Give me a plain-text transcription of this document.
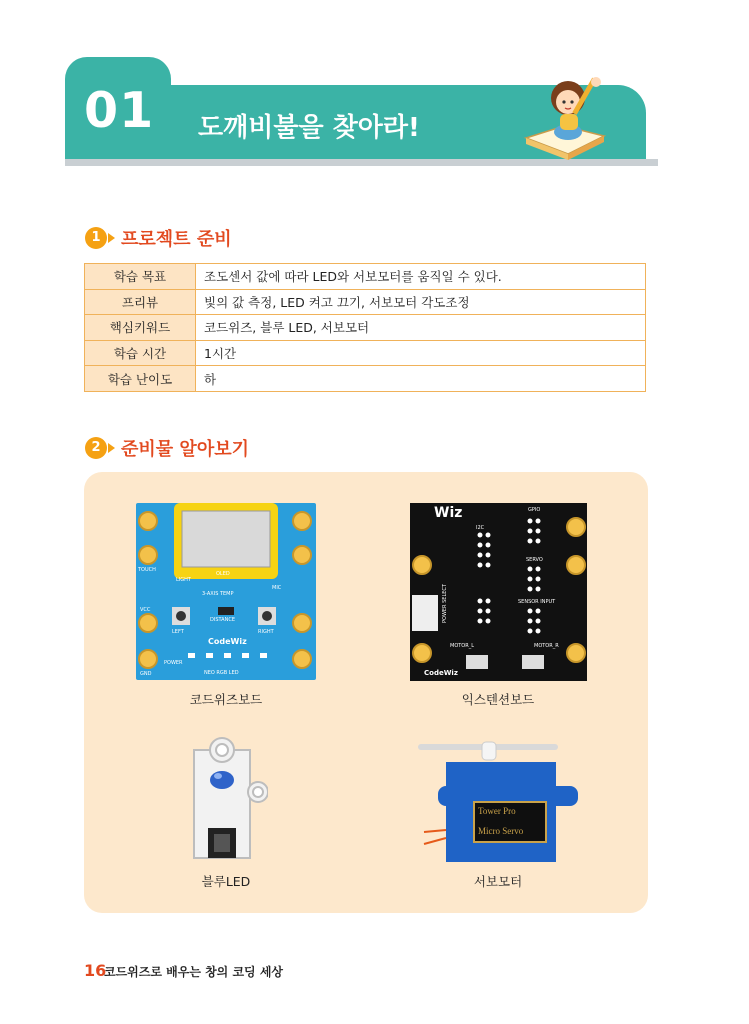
01 도깨비불을 찾아라!
1	프로젝트 준비
학습 목표	조도센서 값에 따라 LED와 서보모터를 움직일 수 있다.
프리뷰	빛의 값 측정, LED 켜고 끄기, 서보모터 각도조정
핵심키워드	코드위즈, 블루 LED, 서보모터
학습 시간	1시간
학습 난이도	하
2	준비물 알아보기
OLED
LIGHT
3-AXIS TEMP
MIC
TOUCH
VCC
GND
LEFT	RIGHT
DISTANCE
CodeWiz
POWER
NEO RGB LED
Wiz	GPIO
I2C
SERVO
SENSOR INPUT
POWER SELECT
MOTOR_L	MOTOR_R
CodeWiz
코드위즈보드	익스텐션보드
Tower Pro
Micro Servo
블루LED	서보모터
16
코드위즈로 배우는 창의 코딩 세상
